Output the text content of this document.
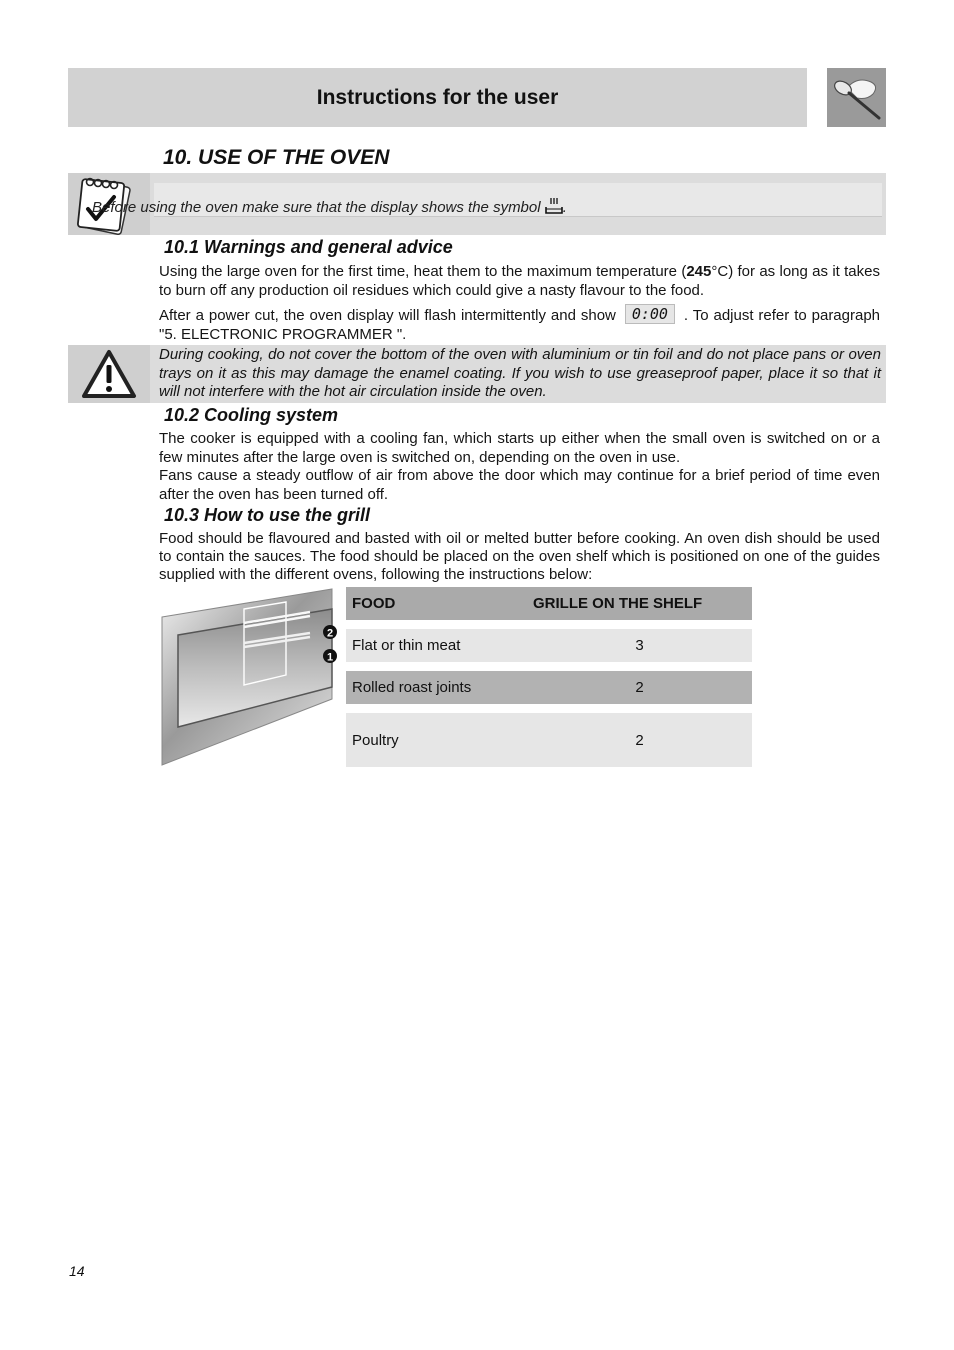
Instructions for the user
10. USE OF THE OVEN
Before using the oven make sure that the display shows the symbol .
10.1 Warnings and general advice
Using the large oven for the first time, heat them to the maximum temperature (245°C) for as long as it takes to burn off any production oil residues which could give a nasty flavour to the food.
After a power cut, the oven display will flash intermittently and show 0:00 . To adjust refer to paragraph "5. ELECTRONIC PROGRAMMER ".
During cooking, do not cover the bottom of the oven with aluminium or tin foil and do not place pans or oven trays on it as this may damage the enamel coating. If you wish to use greaseproof paper, place it so that it will not interfere with the hot air circulation inside the oven.
10.2 Cooling system
The cooker is equipped with a cooling fan, which starts up either when the small oven is switched on or a few minutes after the large oven is switched on, depending on the oven in use.
Fans cause a steady outflow of air from above the door which may continue for a brief period of time even after the oven has been turned off.
10.3 How to use the grill
Food should be flavoured and basted with oil or melted butter before cooking. An oven dish should be used to contain the sauces. The food should be placed on the oven shelf which is positioned on one of the guides supplied with the different ovens, following the instructions below:
2
1
FOOD	GRILLE ON THE SHELF
Flat or thin meat	3
Rolled roast joints	2
Poultry	2
14
